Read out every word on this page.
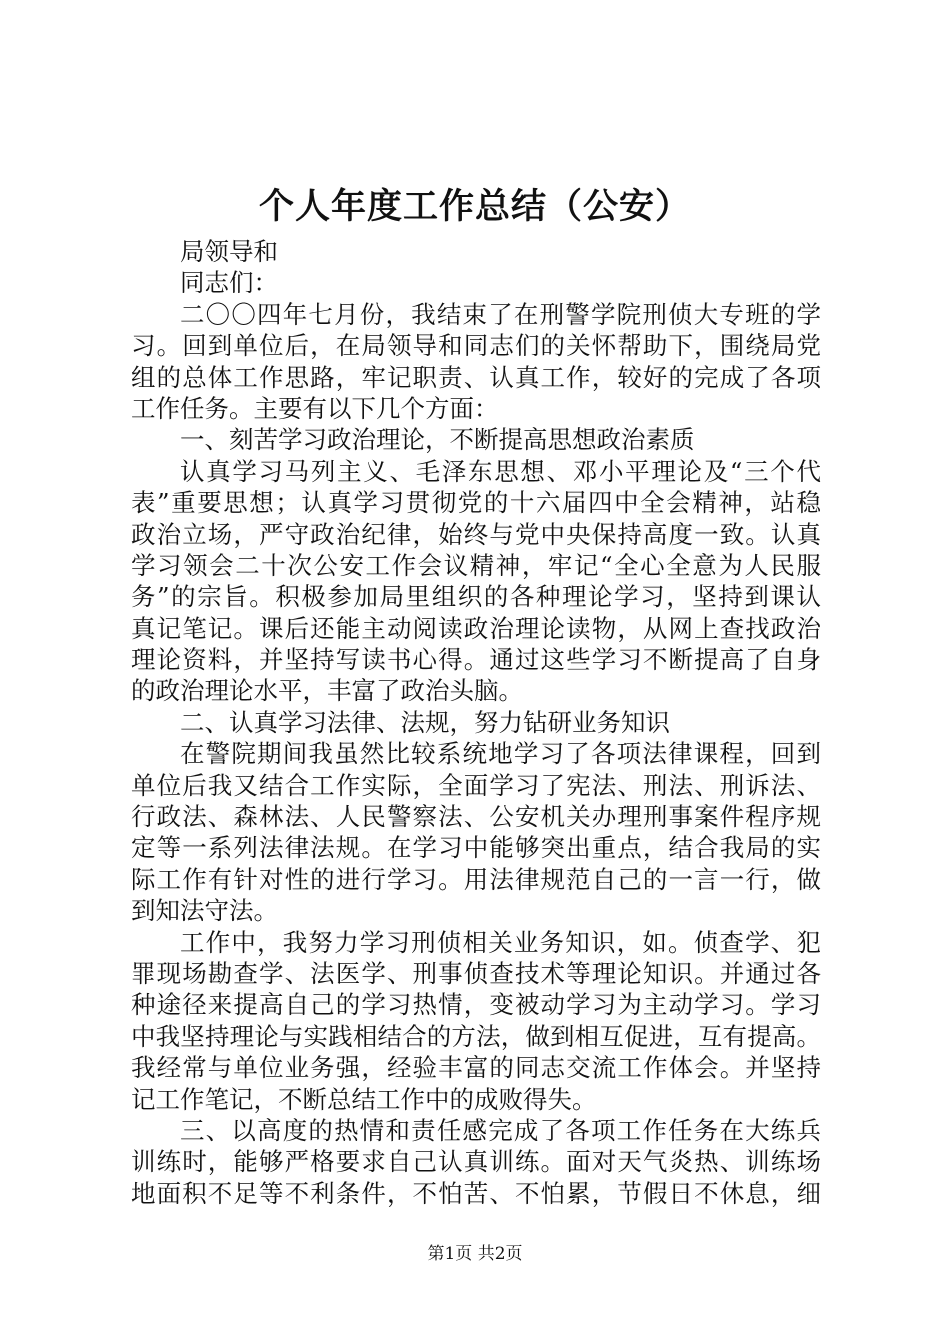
个人年度工作总结（公安）
局领导和
同志们：
二〇〇四年七月份，我结束了在刑警学院刑侦大专班的学
习。回到单位后，在局领导和同志们的关怀帮助下，围绕局党
组的总体工作思路，牢记职责、认真工作，较好的完成了各项
工作任务。主要有以下几个方面：
一、刻苦学习政治理论，不断提高思想政治素质
认真学习马列主义、毛泽东思想、邓小平理论及“三个代
表”重要思想；认真学习贯彻党的十六届四中全会精神，站稳
政治立场，严守政治纪律，始终与党中央保持高度一致。认真
学习领会二十次公安工作会议精神，牢记“全心全意为人民服
务”的宗旨。积极参加局里组织的各种理论学习，坚持到课认
真记笔记。课后还能主动阅读政治理论读物，从网上查找政治
理论资料，并坚持写读书心得。通过这些学习不断提高了自身
的政治理论水平，丰富了政治头脑。
二、认真学习法律、法规，努力钻研业务知识
在警院期间我虽然比较系统地学习了各项法律课程，回到
单位后我又结合工作实际，全面学习了宪法、刑法、刑诉法、
行政法、森林法、人民警察法、公安机关办理刑事案件程序规
定等一系列法律法规。在学习中能够突出重点，结合我局的实
际工作有针对性的进行学习。用法律规范自己的一言一行，做
到知法守法。
工作中，我努力学习刑侦相关业务知识，如。侦查学、犯
罪现场勘查学、法医学、刑事侦查技术等理论知识。并通过各
种途径来提高自己的学习热情，变被动学习为主动学习。学习
中我坚持理论与实践相结合的方法，做到相互促进，互有提高。
我经常与单位业务强，经验丰富的同志交流工作体会。并坚持
记工作笔记，不断总结工作中的成败得失。
三、以高度的热情和责任感完成了各项工作任务在大练兵
训练时，能够严格要求自己认真训练。面对天气炎热、训练场
地面积不足等不利条件，不怕苦、不怕累，节假日不休息，细
第1页 共2页
